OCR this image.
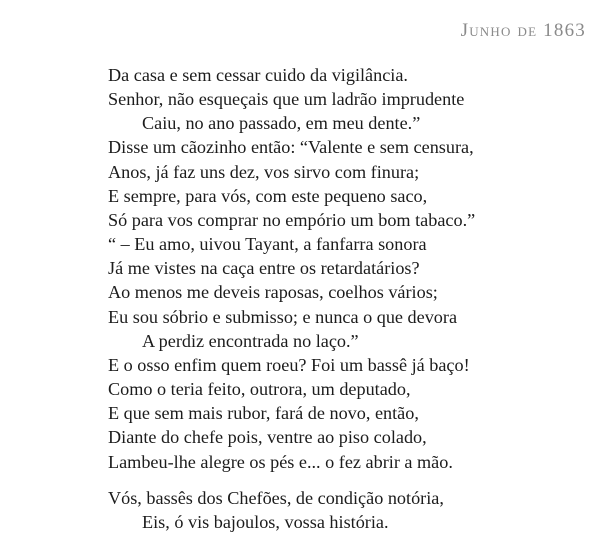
Junho de 1863
Da casa e sem cessar cuido da vigilância.
Senhor, não esqueçais que um ladrão imprudente
Caiu, no ano passado, em meu dente.”
Disse um cãozinho então: “Valente e sem censura,
Anos, já faz uns dez, vos sirvo com finura;
E sempre, para vós, com este pequeno saco,
Só para vos comprar no empório um bom tabaco.”
“ – Eu amo, uivou Tayant, a fanfarra sonora
Já me vistes na caça entre os retardatários?
Ao menos me deveis raposas, coelhos vários;
Eu sou sóbrio e submisso; e nunca o que devora
A perdiz encontrada no laço.”
E o osso enfim quem roeu? Foi um bassê já baço!
Como o teria feito, outrora, um deputado,
E que sem mais rubor, fará de novo, então,
Diante do chefe pois, ventre ao piso colado,
Lambeu-lhe alegre os pés e... o fez abrir a mão.
Vós, bassês dos Chefões, de condição notória,
Eis, ó vis bajoulos, vossa história.
